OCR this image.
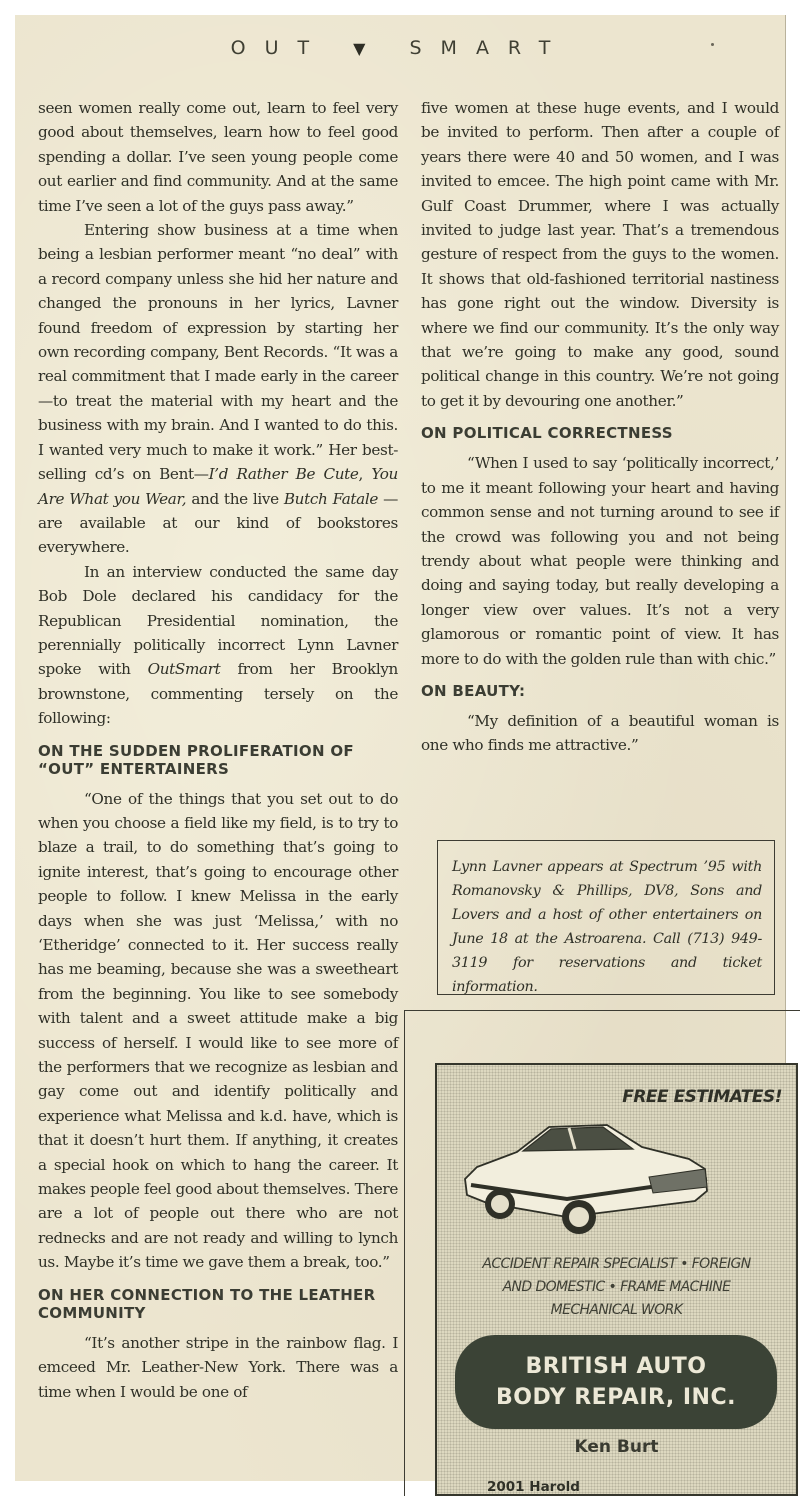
OUT ▼ SMART

seen women really come out, learn to feel very good about themselves, learn how to feel good spending a dollar. I’ve seen young people come out earlier and find community. And at the same time I’ve seen a lot of the guys pass away.”

Entering show business at a time when being a lesbian performer meant “no deal” with a record company unless she hid her nature and changed the pronouns in her lyrics, Lavner found freedom of expression by starting her own recording company, Bent Records. “It was a real commitment that I made early in the career—to treat the material with my heart and the business with my brain. And I wanted to do this. I wanted very much to make it work.” Her best-selling cd’s on Bent—I’d Rather Be Cute, You Are What you Wear, and the live Butch Fatale —are available at our kind of bookstores everywhere.

In an interview conducted the same day Bob Dole declared his candidacy for the Republican Presidential nomination, the perennially politically incorrect Lynn Lavner spoke with OutSmart from her Brooklyn brownstone, commenting tersely on the following:

ON THE SUDDEN PROLIFERATION OF “OUT” ENTERTAINERS

“One of the things that you set out to do when you choose a field like my field, is to try to blaze a trail, to do something that’s going to ignite interest, that’s going to encourage other people to follow. I knew Melissa in the early days when she was just ‘Melissa,’ with no ‘Etheridge’ connected to it. Her success really has me beaming, because she was a sweetheart from the beginning. You like to see somebody with talent and a sweet attitude make a big success of herself. I would like to see more of the performers that we recognize as lesbian and gay come out and identify politically and experience what Melissa and k.d. have, which is that it doesn’t hurt them. If anything, it creates a special hook on which to hang the career. It makes people feel good about themselves. There are a lot of people out there who are not rednecks and are not ready and willing to lynch us. Maybe it’s time we gave them a break, too.”

ON HER CONNECTION TO THE LEATHER COMMUNITY

“It’s another stripe in the rainbow flag. I emceed Mr. Leather-New York. There was a time when I would be one of

five women at these huge events, and I would be invited to perform. Then after a couple of years there were 40 and 50 women, and I was invited to emcee. The high point came with Mr. Gulf Coast Drummer, where I was actually invited to judge last year. That’s a tremendous gesture of respect from the guys to the women. It shows that old-fashioned territorial nastiness has gone right out the window. Diversity is where we find our community. It’s the only way that we’re going to make any good, sound political change in this country. We’re not going to get it by devouring one another.”

ON POLITICAL CORRECTNESS

“When I used to say ‘politically incorrect,’ to me it meant following your heart and having common sense and not turning around to see if the crowd was following you and not being trendy about what people were thinking and doing and saying today, but really developing a longer view over values. It’s not a very glamorous or romantic point of view. It has more to do with the golden rule than with chic.”

ON BEAUTY:

“My definition of a beautiful woman is one who finds me attractive.”

Lynn Lavner appears at Spectrum ’95 with Romanovsky & Phillips, DV8, Sons and Lovers and a host of other entertainers on June 18 at the Astroarena. Call (713) 949-3119 for reservations and ticket information.
FREE ESTIMATES!
ACCIDENT REPAIR SPECIALIST • FOREIGN
AND DOMESTIC • FRAME MACHINE
MECHANICAL WORK
BRITISH AUTO
BODY REPAIR, INC.
Ken Burt
2001 Harold
